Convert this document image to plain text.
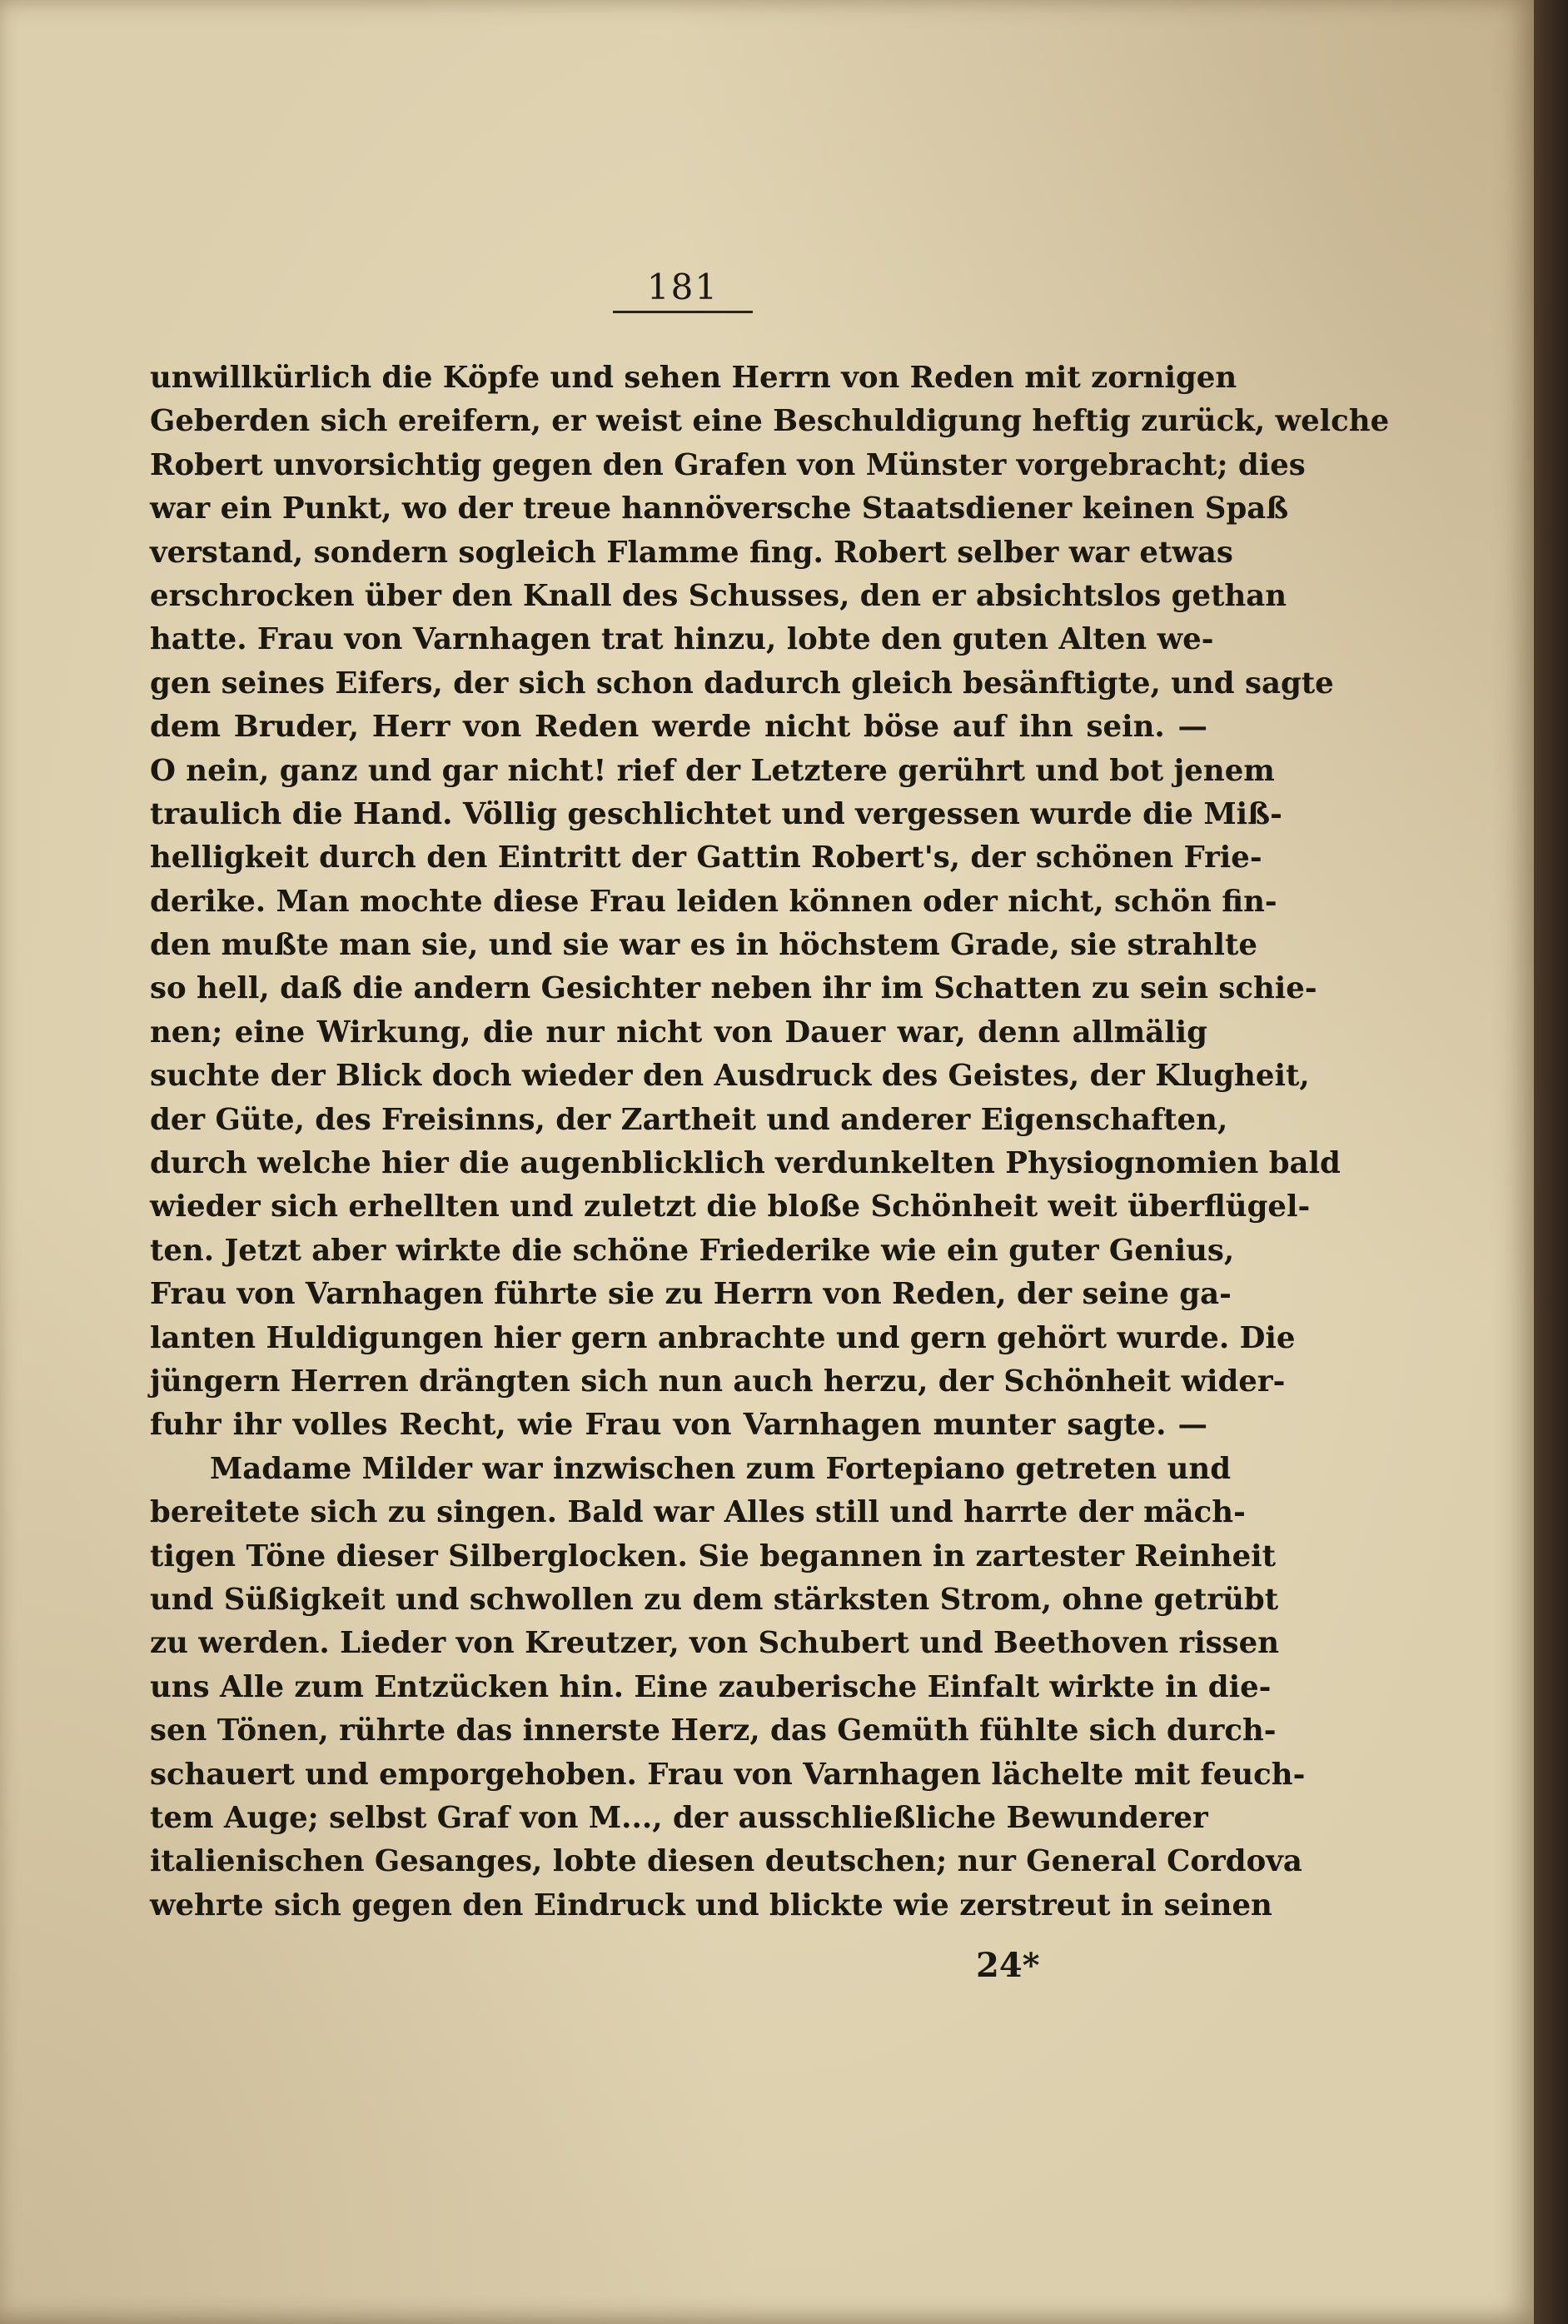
181
unwillkürlich die Köpfe und sehen Herrn von Reden mit zornigen
Geberden sich ereifern, er weist eine Beschuldigung heftig zurück, welche
Robert unvorsichtig gegen den Grafen von Münster vorgebracht; dies
war ein Punkt, wo der treue hannöversche Staatsdiener keinen Spaß
verstand, sondern sogleich Flamme fing. Robert selber war etwas
erschrocken über den Knall des Schusses, den er absichtslos gethan
hatte. Frau von Varnhagen trat hinzu, lobte den guten Alten we-
gen seines Eifers, der sich schon dadurch gleich besänftigte, und sagte
dem Bruder, Herr von Reden werde nicht böse auf ihn sein. —
O nein, ganz und gar nicht! rief der Letztere gerührt und bot jenem
traulich die Hand. Völlig geschlichtet und vergessen wurde die Miß-
helligkeit durch den Eintritt der Gattin Robert's, der schönen Frie-
derike. Man mochte diese Frau leiden können oder nicht, schön fin-
den mußte man sie, und sie war es in höchstem Grade, sie strahlte
so hell, daß die andern Gesichter neben ihr im Schatten zu sein schie-
nen; eine Wirkung, die nur nicht von Dauer war, denn allmälig
suchte der Blick doch wieder den Ausdruck des Geistes, der Klugheit,
der Güte, des Freisinns, der Zartheit und anderer Eigenschaften,
durch welche hier die augenblicklich verdunkelten Physiognomien bald
wieder sich erhellten und zuletzt die bloße Schönheit weit überflügel-
ten. Jetzt aber wirkte die schöne Friederike wie ein guter Genius,
Frau von Varnhagen führte sie zu Herrn von Reden, der seine ga-
lanten Huldigungen hier gern anbrachte und gern gehört wurde. Die
jüngern Herren drängten sich nun auch herzu, der Schönheit wider-
fuhr ihr volles Recht, wie Frau von Varnhagen munter sagte. —
Madame Milder war inzwischen zum Fortepiano getreten und
bereitete sich zu singen. Bald war Alles still und harrte der mäch-
tigen Töne dieser Silberglocken. Sie begannen in zartester Reinheit
und Süßigkeit und schwollen zu dem stärksten Strom, ohne getrübt
zu werden. Lieder von Kreutzer, von Schubert und Beethoven rissen
uns Alle zum Entzücken hin. Eine zauberische Einfalt wirkte in die-
sen Tönen, rührte das innerste Herz, das Gemüth fühlte sich durch-
schauert und emporgehoben. Frau von Varnhagen lächelte mit feuch-
tem Auge; selbst Graf von M..., der ausschließliche Bewunderer
italienischen Gesanges, lobte diesen deutschen; nur General Cordova
wehrte sich gegen den Eindruck und blickte wie zerstreut in seinen
24*
